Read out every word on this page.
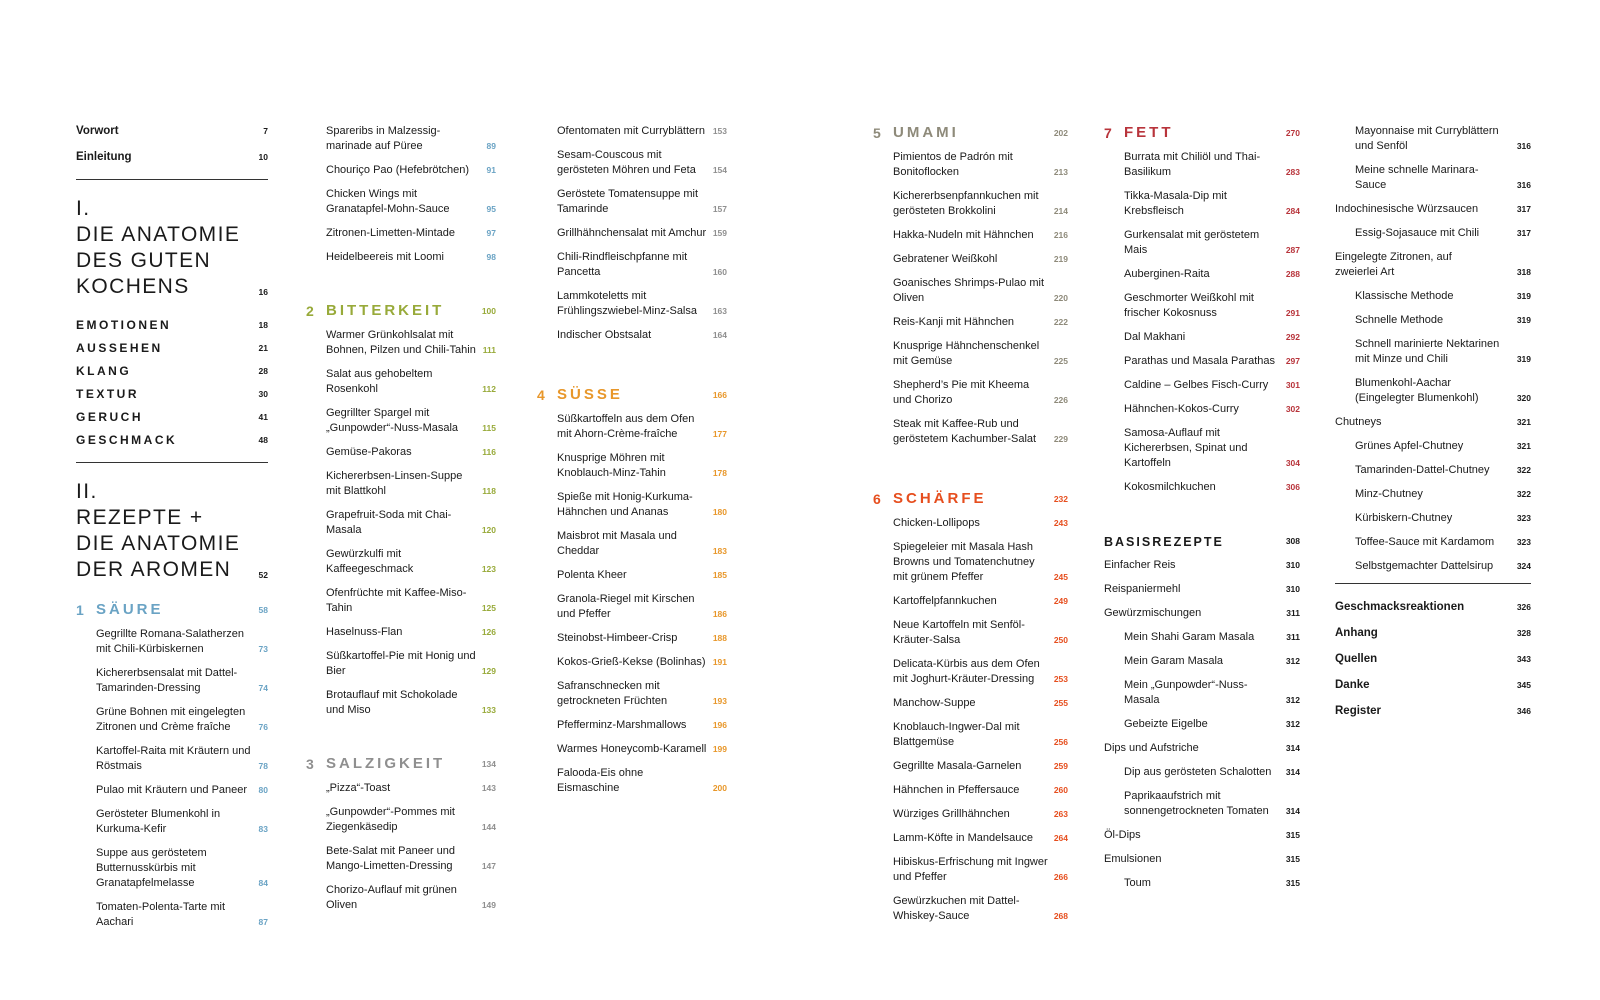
Vorwort	7
Einleitung	10
I.
DIE ANATOMIE
DES GUTEN
KOCHENS	16
EMOTIONEN	18
AUSSEHEN	21
KLANG	28
TEXTUR	30
GERUCH	41
GESCHMACK	48
II.
REZEPTE +
DIE ANATOMIE
DER AROMEN	52
1 SÄURE	58
Gegrillte Romana-Salatherzen mit Chili-Kürbiskernen	73
Kichererbsensalat mit Dattel-Tamarinden-Dressing	74
Grüne Bohnen mit eingelegten Zitronen und Crème fraîche	76
Kartoffel-Raita mit Kräutern und Röstmais	78
Pulao mit Kräutern und Paneer 80
Gerösteter Blumenkohl in Kurkuma-Kefir	83
Suppe aus geröstetem Butternusskürbis mit Granatapfelmelasse	84
Tomaten-Polenta-Tarte mit Aachari	87
Spareribs in Malzessig-marinade auf Püree	89
Chouriço Pao (Hefebrötchen) 91
Chicken Wings mit Granatapfel-Mohn-Sauce	95
Zitronen-Limetten-Mintade	97
Heidelbeereis mit Loomi	98
2 BITTERKEIT	100
Warmer Grünkohlsalat mit Bohnen, Pilzen und Chili-Tahin 111
Salat aus gehobeltem Rosenkohl	112
Gegrillter Spargel mit „Gunpowder“-Nuss-Masala	115
Gemüse-Pakoras	116
Kichererbsen-Linsen-Suppe mit Blattkohl	118
Grapefruit-Soda mit Chai-Masala	120
Gewürzkulfi mit Kaffeegeschmack	123
Ofenfrüchte mit Kaffee-Miso-Tahin	125
Haselnuss-Flan	126
Süßkartoffel-Pie mit Honig und Bier	129
Brotauflauf mit Schokolade und Miso	133
3 SALZIGKEIT	134
„Pizza“-Toast	143
„Gunpowder“-Pommes mit Ziegenkäsedip	144
Bete-Salat mit Paneer und Mango-Limetten-Dressing	147
Chorizo-Auflauf mit grünen Oliven	149
Ofentomaten mit Curryblättern 153
Sesam-Couscous mit gerösteten Möhren und Feta	154
Geröstete Tomatensuppe mit Tamarinde	157
Grillhähnchensalat mit Amchur 159
Chili-Rindfleischpfanne mit Pancetta	160
Lammkoteletts mit Frühlingszwiebel-Minz-Salsa	163
Indischer Obstsalat	164
4 SÜSSE	166
Süßkartoffeln aus dem Ofen mit Ahorn-Crème-fraîche	177
Knusprige Möhren mit Knoblauch-Minz-Tahin	178
Spieße mit Honig-Kurkuma-Hähnchen und Ananas	180
Maisbrot mit Masala und Cheddar	183
Polenta Kheer	185
Granola-Riegel mit Kirschen und Pfeffer	186
Steinobst-Himbeer-Crisp	188
Kokos-Grieß-Kekse (Bolinhas) 191
Safranschnecken mit getrockneten Früchten	193
Pfefferminz-Marshmallows	196
Warmes Honeycomb-Karamell 199
Falooda-Eis ohne Eismaschine	200
5 UMAMI	202
Pimientos de Padrón mit Bonitoflocken	213
Kichererbsenpfannkuchen mit gerösteten Brokkolini	214
Hakka-Nudeln mit Hähnchen 216
Gebratener Weißkohl	219
Goanisches Shrimps-Pulao mit Oliven	220
Reis-Kanji mit Hähnchen	222
Knusprige Hähnchenschenkel mit Gemüse	225
Shepherd’s Pie mit Kheema und Chorizo	226
Steak mit Kaffee-Rub und geröstetem Kachumber-Salat	229
6 SCHÄRFE	232
Chicken-Lollipops	243
Spiegeleier mit Masala Hash Browns und Tomatenchutney mit grünem Pfeffer	245
Kartoffelpfannkuchen	249
Neue Kartoffeln mit Senföl-Kräuter-Salsa	250
Delicata-Kürbis aus dem Ofen mit Joghurt-Kräuter-Dressing	253
Manchow-Suppe	255
Knoblauch-Ingwer-Dal mit Blattgemüse	256
Gegrillte Masala-Garnelen	259
Hähnchen in Pfeffersauce	260
Würziges Grillhähnchen	263
Lamm-Köfte in Mandelsauce 264
Hibiskus-Erfrischung mit Ingwer und Pfeffer	266
Gewürzkuchen mit Dattel-Whiskey-Sauce	268
7 FETT	270
Burrata mit Chiliöl und Thai-Basilikum	283
Tikka-Masala-Dip mit Krebsfleisch	284
Gurkensalat mit geröstetem Mais	287
Auberginen-Raita	288
Geschmorter Weißkohl mit frischer Kokosnuss	291
Dal Makhani	292
Parathas und Masala Parathas 297
Caldine – Gelbes Fisch-Curry 301
Hähnchen-Kokos-Curry	302
Samosa-Auflauf mit Kichererbsen, Spinat und Kartoffeln	304
Kokosmilchkuchen	306
BASISREZEPTE	308
Einfacher Reis	310
Reispaniermehl	310
Gewürzmischungen	311
Mein Shahi Garam Masala	311
Mein Garam Masala	312
Mein „Gunpowder“-Nuss-Masala	312
Gebeizte Eigelbe	312
Dips und Aufstriche	314
Dip aus gerösteten Schalotten 314
Paprikaaufstrich mit sonnengetrockneten Tomaten	314
Öl-Dips	315
Emulsionen	315
Toum	315
Mayonnaise mit Curryblättern und Senföl	316
Meine schnelle Marinara-Sauce	316
Indochinesische Würzsaucen	317
Essig-Sojasauce mit Chili	317
Eingelegte Zitronen, auf zweierlei Art	318
Klassische Methode	319
Schnelle Methode	319
Schnell marinierte Nektarinen mit Minze und Chili	319
Blumenkohl-Aachar (Eingelegter Blumenkohl)	320
Chutneys	321
Grünes Apfel-Chutney	321
Tamarinden-Dattel-Chutney	322
Minz-Chutney	322
Kürbiskern-Chutney	323
Toffee-Sauce mit Kardamom	323
Selbstgemachter Dattelsirup	324
Geschmacksreaktionen	326
Anhang	328
Quellen	343
Danke	345
Register	346
